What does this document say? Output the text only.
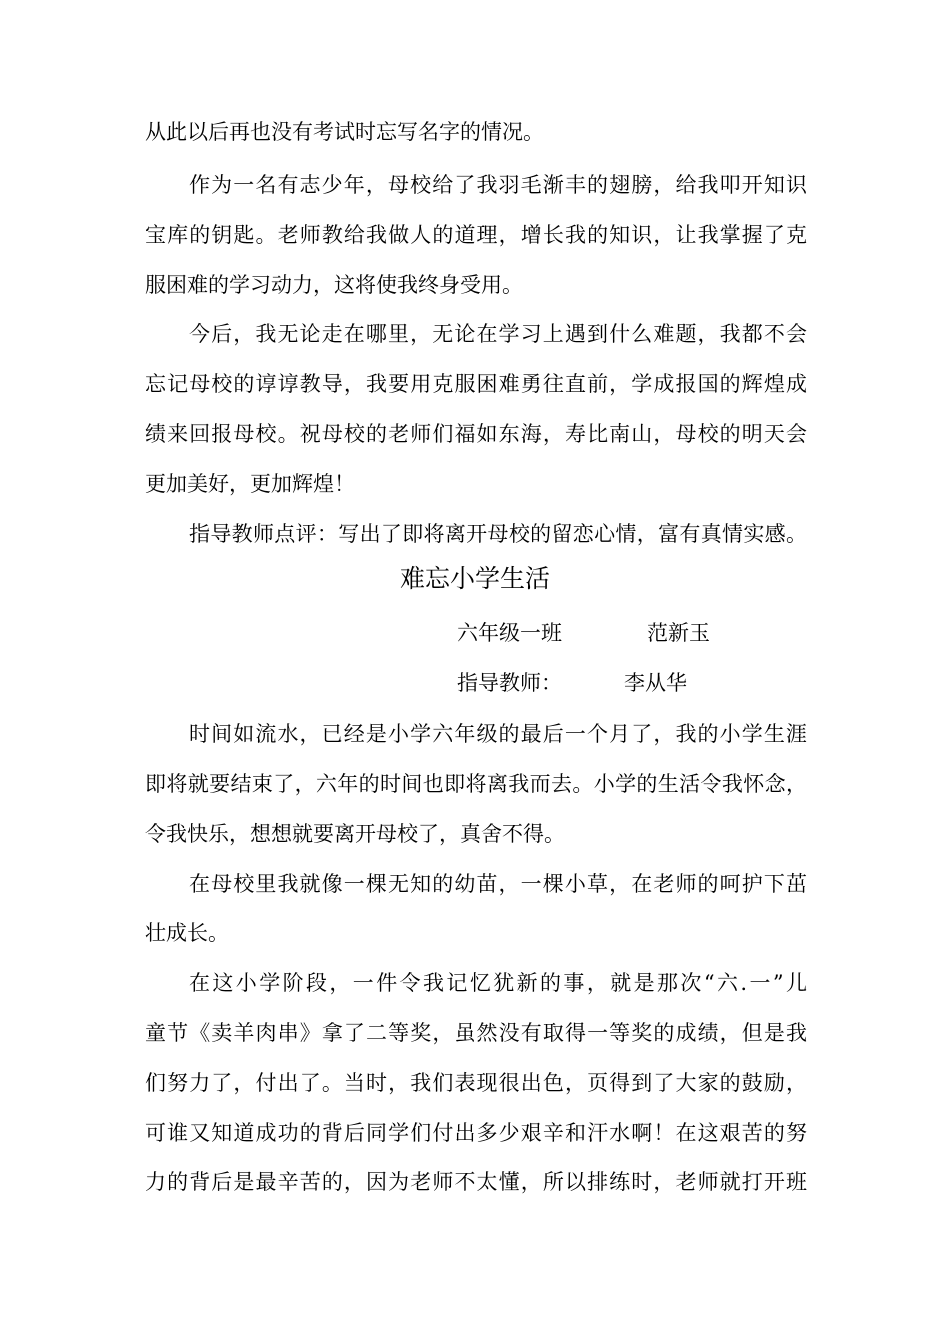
从此以后再也没有考试时忘写名字的情况。
作为一名有志少年，母校给了我羽毛渐丰的翅膀，给我叩开知识
宝库的钥匙。老师教给我做人的道理，增长我的知识，让我掌握了克
服困难的学习动力，这将使我终身受用。
今后，我无论走在哪里，无论在学习上遇到什么难题，我都不会
忘记母校的谆谆教导，我要用克服困难勇往直前，学成报国的辉煌成
绩来回报母校。祝母校的老师们福如东海，寿比南山，母校的明天会
更加美好，更加辉煌！
指导教师点评：写出了即将离开母校的留恋心情，富有真情实感。
难忘小学生活
六年级一班	范新玉
指导教师：	李从华
时间如流水，已经是小学六年级的最后一个月了，我的小学生涯
即将就要结束了，六年的时间也即将离我而去。小学的生活令我怀念，
令我快乐，想想就要离开母校了，真舍不得。
在母校里我就像一棵无知的幼苗，一棵小草，在老师的呵护下茁
壮成长。
在这小学阶段，一件令我记忆犹新的事，就是那次“六.一”儿
童节《卖羊肉串》拿了二等奖，虽然没有取得一等奖的成绩，但是我
们努力了，付出了。当时，我们表现很出色，页得到了大家的鼓励，
可谁又知道成功的背后同学们付出多少艰辛和汗水啊！在这艰苦的努
力的背后是最辛苦的，因为老师不太懂，所以排练时，老师就打开班
